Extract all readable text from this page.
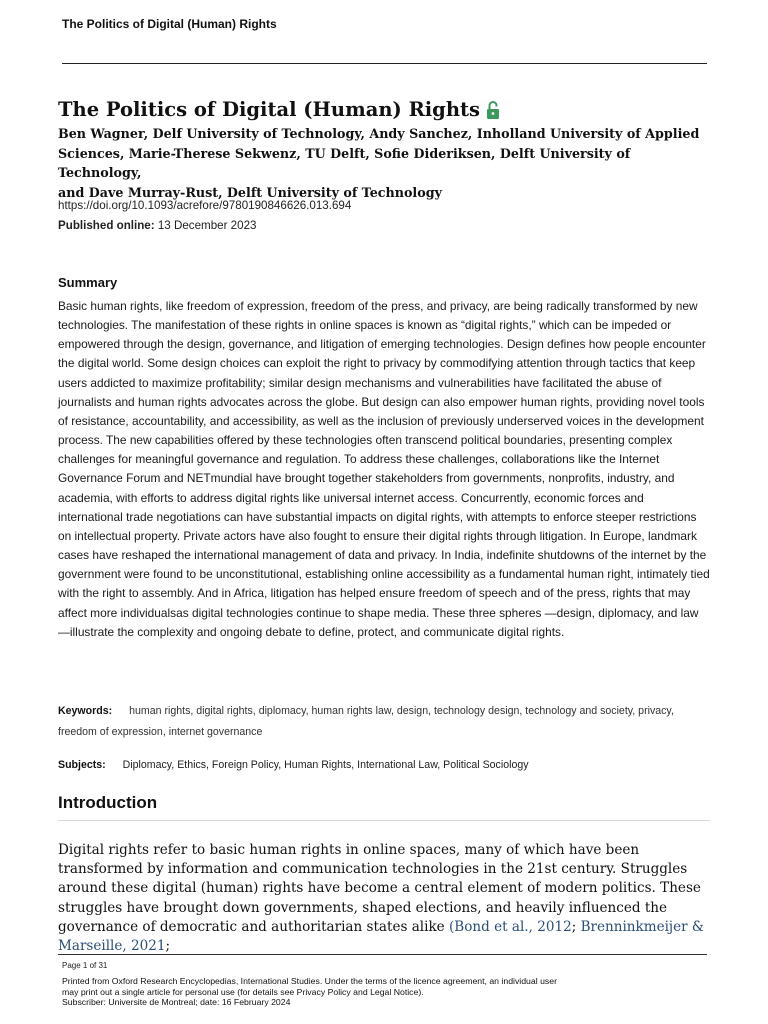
The Politics of Digital (Human) Rights
The Politics of Digital (Human) Rights
Ben Wagner, Delf University of Technology, Andy Sanchez, Inholland University of Applied Sciences, Marie-Therese Sekwenz, TU Delft, Sofie Dideriksen, Delft University of Technology,
and Dave Murray-Rust, Delft University of Technology
https://doi.org/10.1093/acrefore/9780190846626.013.694
Published online: 13 December 2023
Summary

Basic human rights, like freedom of expression, freedom of the press, and privacy, are being radically transformed by new technologies. The manifestation of these rights in online spaces is known as “digital rights,” which can be impeded or empowered through the design, governance, and litigation of emerging technologies. Design defines how people encounter the digital world. Some design choices can exploit the right to privacy by commodifying attention through tactics that keep users addicted to maximize profitability; similar design mechanisms and vulnerabilities have facilitated the abuse of journalists and human rights advocates across the globe. But design can also empower human rights, providing novel tools of resistance, accountability, and accessibility, as well as the inclusion of previously underserved voices in the development process. The new capabilities offered by these technologies often transcend political boundaries, presenting complex challenges for meaningful governance and regulation. To address these challenges, collaborations like the Internet Governance Forum and NETmundial have brought together stakeholders from governments, nonprofits, industry, and academia, with efforts to address digital rights like universal internet access. Concurrently, economic forces and international trade negotiations can have substantial impacts on digital rights, with attempts to enforce steeper restrictions on intellectual property. Private actors have also fought to ensure their digital rights through litigation. In Europe, landmark cases have reshaped the international management of data and privacy. In India, indefinite shutdowns of the internet by the government were found to be unconstitutional, establishing online accessibility as a fundamental human right, intimately tied with the right to assembly. And in Africa, litigation has helped ensure freedom of speech and of the press, rights that may affect more individualsas digital technologies continue to shape media. These three spheres —design, diplomacy, and law—illustrate the complexity and ongoing debate to define, protect, and communicate digital rights.

Keywords: human rights, digital rights, diplomacy, human rights law, design, technology design, technology and society, privacy, freedom of expression, internet governance
Subjects: Diplomacy, Ethics, Foreign Policy, Human Rights, International Law, Political Sociology
Introduction

Digital rights refer to basic human rights in online spaces, many of which have been transformed by information and communication technologies in the 21st century. Struggles around these digital (human) rights have become a central element of modern politics. These struggles have brought down governments, shaped elections, and heavily influenced the governance of democratic and authoritarian states alike (Bond et al., 2012; Brenninkmeijer & Marseille, 2021;

Page 1 of 31
Printed from Oxford Research Encyclopedias, International Studies. Under the terms of the licence agreement, an individual user
may print out a single article for personal use (for details see Privacy Policy and Legal Notice).
Subscriber: Universite de Montreal; date: 16 February 2024
